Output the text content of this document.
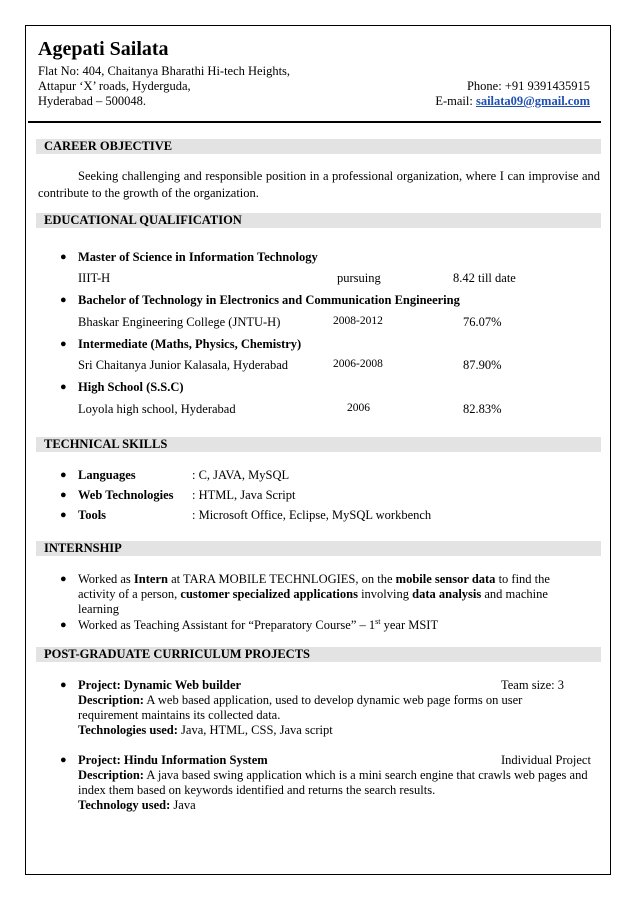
Agepati Sailata
Flat No: 404, Chaitanya Bharathi Hi-tech Heights,
Attapur ‘X’ roads, Hyderguda,
Hyderabad – 500048.
Phone: +91 9391435915
E-mail: sailata09@gmail.com
CAREER OBJECTIVE
Seeking challenging and responsible position in a professional organization, where I can improvise and contribute to the growth of the organization.
EDUCATIONAL QUALIFICATION
● Master of Science in Information Technology
IIIT-H	pursuing	8.42 till date
● Bachelor of Technology in Electronics and Communication Engineering
Bhaskar Engineering College (JNTU-H)	2008-2012	76.07%
● Intermediate (Maths, Physics, Chemistry)
Sri Chaitanya Junior Kalasala, Hyderabad	2006-2008	87.90%
● High School (S.S.C)
Loyola high school, Hyderabad	2006	82.83%
TECHNICAL SKILLS
● Languages	: C, JAVA, MySQL
● Web Technologies : HTML, Java Script
● Tools	: Microsoft Office, Eclipse, MySQL workbench
INTERNSHIP
● Worked as Intern at TARA MOBILE TECHNLOGIES, on the mobile sensor data to find the activity of a person, customer specialized applications involving data analysis and machine learning
● Worked as Teaching Assistant for “Preparatory Course” – 1st year MSIT
POST-GRADUATE CURRICULUM PROJECTS
● Project: Dynamic Web builder	Team size: 3
Description: A web based application, used to develop dynamic web page forms on user requirement maintains its collected data.
Technologies used: Java, HTML, CSS, Java script
● Project: Hindu Information System	Individual Project
Description: A java based swing application which is a mini search engine that crawls web pages and index them based on keywords identified and returns the search results.
Technology used: Java
